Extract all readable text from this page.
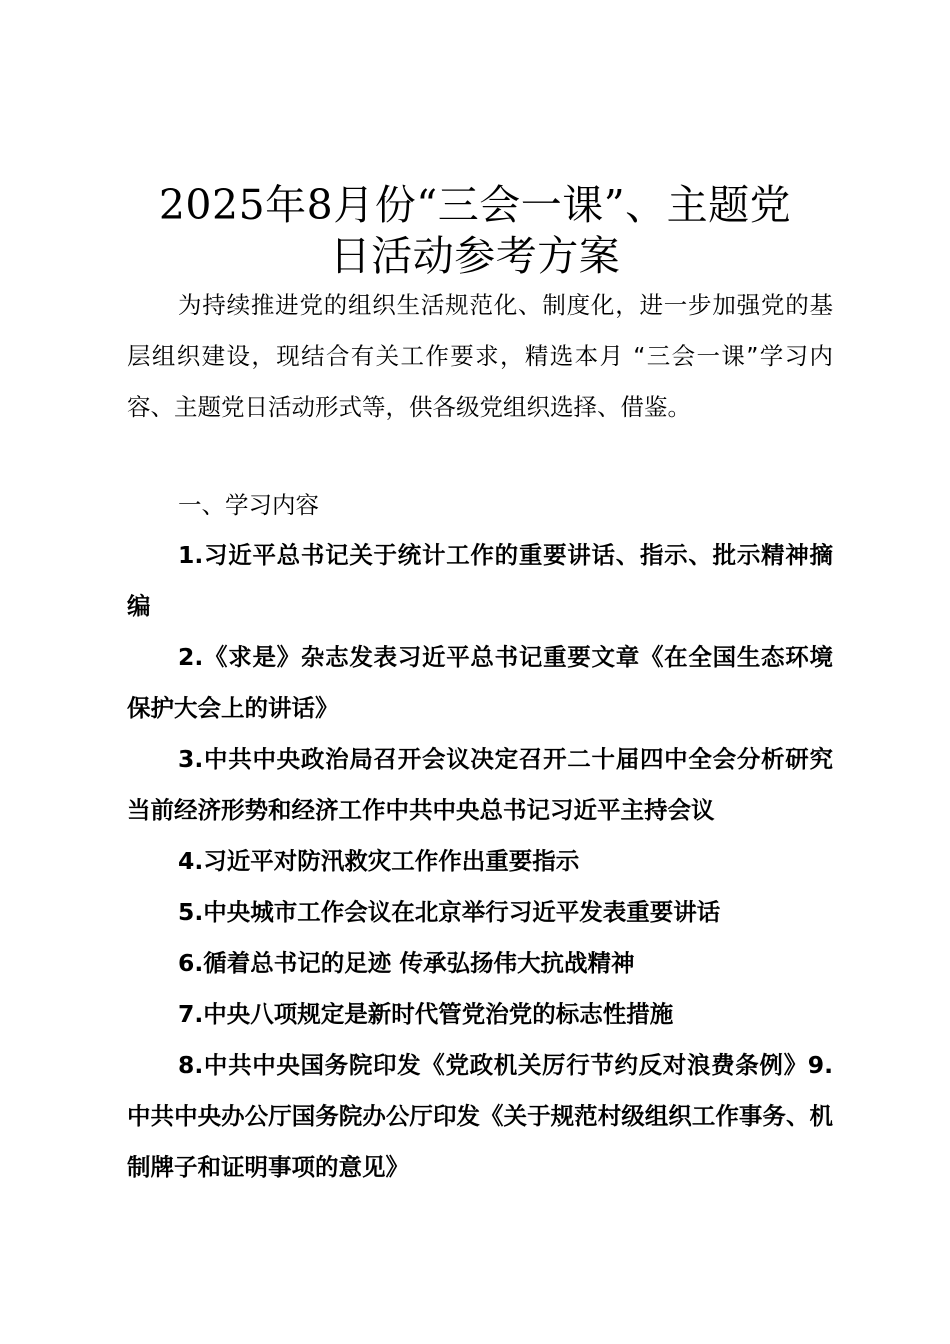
2025年8月份“三会一课”、主题党
日活动参考方案

为持续推进党的组织生活规范化、制度化，进一步加强党的基层组织建设，现结合有关工作要求，精选本月 “三会一课”学习内容、主题党日活动形式等，供各级党组织选择、借鉴。

一、学习内容

1.习近平总书记关于统计工作的重要讲话、指示、批示精神摘编

2.《求是》杂志发表习近平总书记重要文章《在全国生态环境保护大会上的讲话》

3.中共中央政治局召开会议决定召开二十届四中全会分析研究当前经济形势和经济工作中共中央总书记习近平主持会议

4.习近平对防汛救灾工作作出重要指示

5.中央城市工作会议在北京举行习近平发表重要讲话

6.循着总书记的足迹 传承弘扬伟大抗战精神

7.中央八项规定是新时代管党治党的标志性措施

8.中共中央国务院印发《党政机关厉行节约反对浪费条例》9.中共中央办公厅国务院办公厅印发《关于规范村级组织工作事务、机制牌子和证明事项的意见》
